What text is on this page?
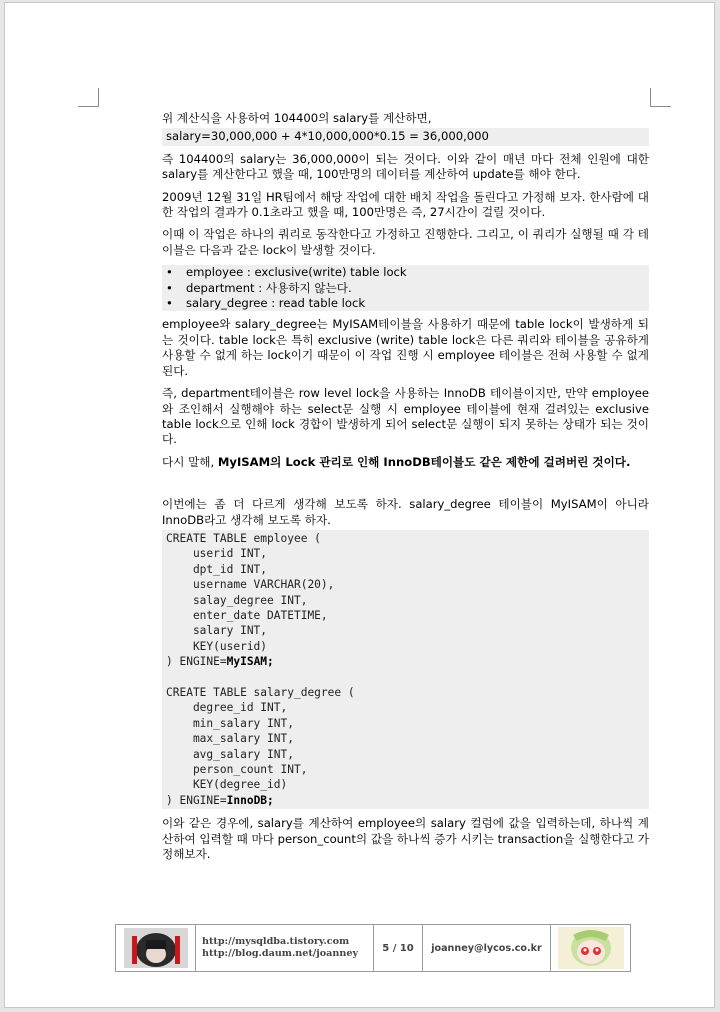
위 계산식을 사용하여 104400의 salary를 계산하면,

salary=30,000,000 + 4*10,000,000*0.15 = 36,000,000

즉 104400의 salary는 36,000,000이 되는 것이다. 이와 같이 매년 마다 전체 인원에 대한 salary를 계산한다고 했을 때, 100만명의 데이터를 계산하여 update를 해야 한다.

2009년 12월 31일 HR팀에서 해당 작업에 대한 배치 작업을 돌린다고 가정해 보자. 한사람에 대한 작업의 결과가 0.1초라고 했을 때, 100만명은 즉, 27시간이 걸릴 것이다.

이때 이 작업은 하나의 쿼리로 동작한다고 가정하고 진행한다. 그리고, 이 쿼리가 실행될 때 각 테이블은 다음과 같은 lock이 발생할 것이다.

• employee : exclusive(write) table lock
• department : 사용하지 않는다.
• salary_degree : read table lock

employee와 salary_degree는 MyISAM테이블을 사용하기 때문에 table lock이 발생하게 되는 것이다. table lock은 특히 exclusive (write) table lock은 다른 쿼리와 테이블을 공유하게 사용할 수 없게 하는 lock이기 때문이 이 작업 진행 시 employee 테이블은 전혀 사용할 수 없게 된다.

즉, department테이블은 row level lock을 사용하는 InnoDB 테이블이지만, 만약 employee와 조인해서 실행해야 하는 select문 실행 시 employee 테이블에 현재 걸려있는 exclusive table lock으로 인해 lock 경합이 발생하게 되어 select문 실행이 되지 못하는 상태가 되는 것이다.

다시 말해, MyISAM의 Lock 관리로 인해 InnoDB테이블도 같은 제한에 걸려버린 것이다.

이번에는 좀 더 다르게 생각해 보도록 하자. salary_degree 테이블이 MyISAM이 아니라 InnoDB라고 생각해 보도록 하자.

CREATE TABLE employee (
userid INT,
dpt_id INT,
username VARCHAR(20),
salay_degree INT,
enter_date DATETIME,
salary INT,
KEY(userid)
) ENGINE=MyISAM;

CREATE TABLE salary_degree (
degree_id INT,
min_salary INT,
max_salary INT,
avg_salary INT,
person_count INT,
KEY(degree_id)
) ENGINE=InnoDB;

이와 같은 경우에, salary를 계산하여 employee의 salary 컬럼에 값을 입력하는데, 하나씩 계산하여 입력할 때 마다 person_count의 값을 하나씩 증가 시키는 transaction을 실행한다고 가정해보자.

http://mysqldba.tistory.com
http://blog.daum.net/joanney	5 / 10	joanney@lycos.co.kr
